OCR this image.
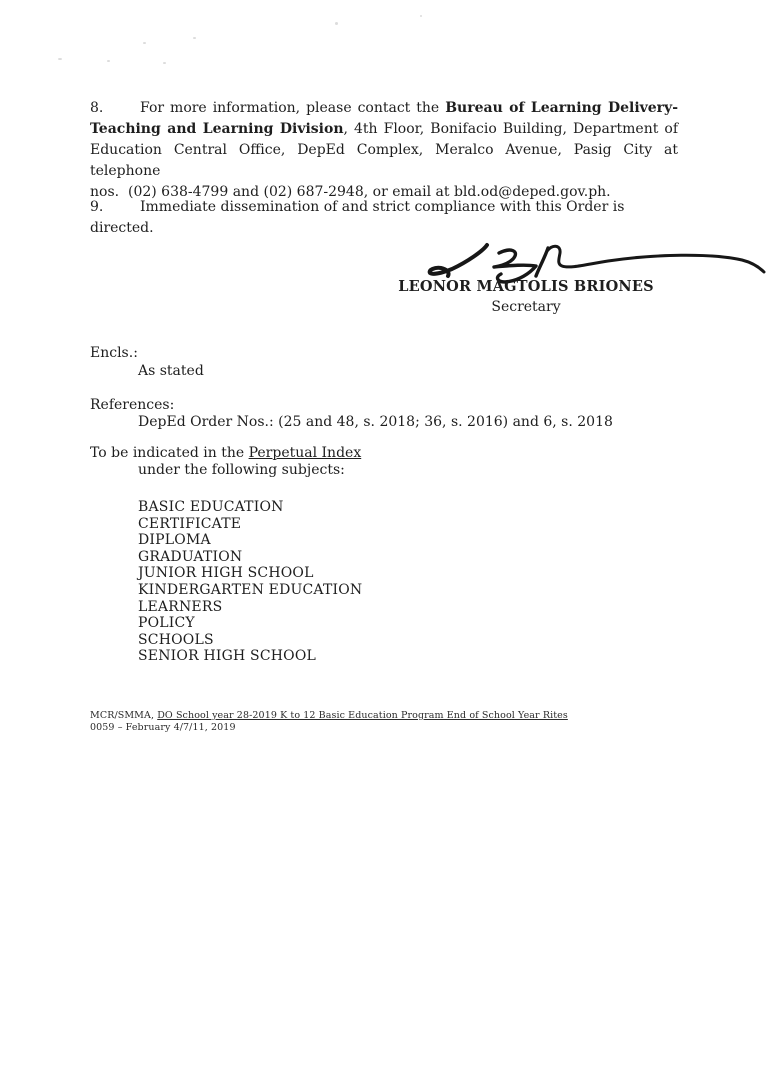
8.	For more information, please contact the Bureau of Learning Delivery-
Teaching and Learning Division, 4th Floor, Bonifacio Building, Department of
Education Central Office, DepEd Complex, Meralco Avenue, Pasig City at telephone
nos.  (02) 638-4799 and (02) 687-2948, or email at bld.od@deped.gov.ph.
9.	Immediate dissemination of and strict compliance with this Order is directed.
LEONOR MAGTOLIS BRIONES
Secretary
Encls.:
As stated
References:
DepEd Order Nos.: (25 and 48, s. 2018; 36, s. 2016) and 6, s. 2018
To be indicated in the Perpetual Index
under the following subjects:
BASIC EDUCATION
CERTIFICATE
DIPLOMA
GRADUATION
JUNIOR HIGH SCHOOL
KINDERGARTEN EDUCATION
LEARNERS
POLICY
SCHOOLS
SENIOR HIGH SCHOOL
MCR/SMMA, DO School year 28-2019 K to 12 Basic Education Program End of School Year Rites
0059 – February 4/7/11, 2019
